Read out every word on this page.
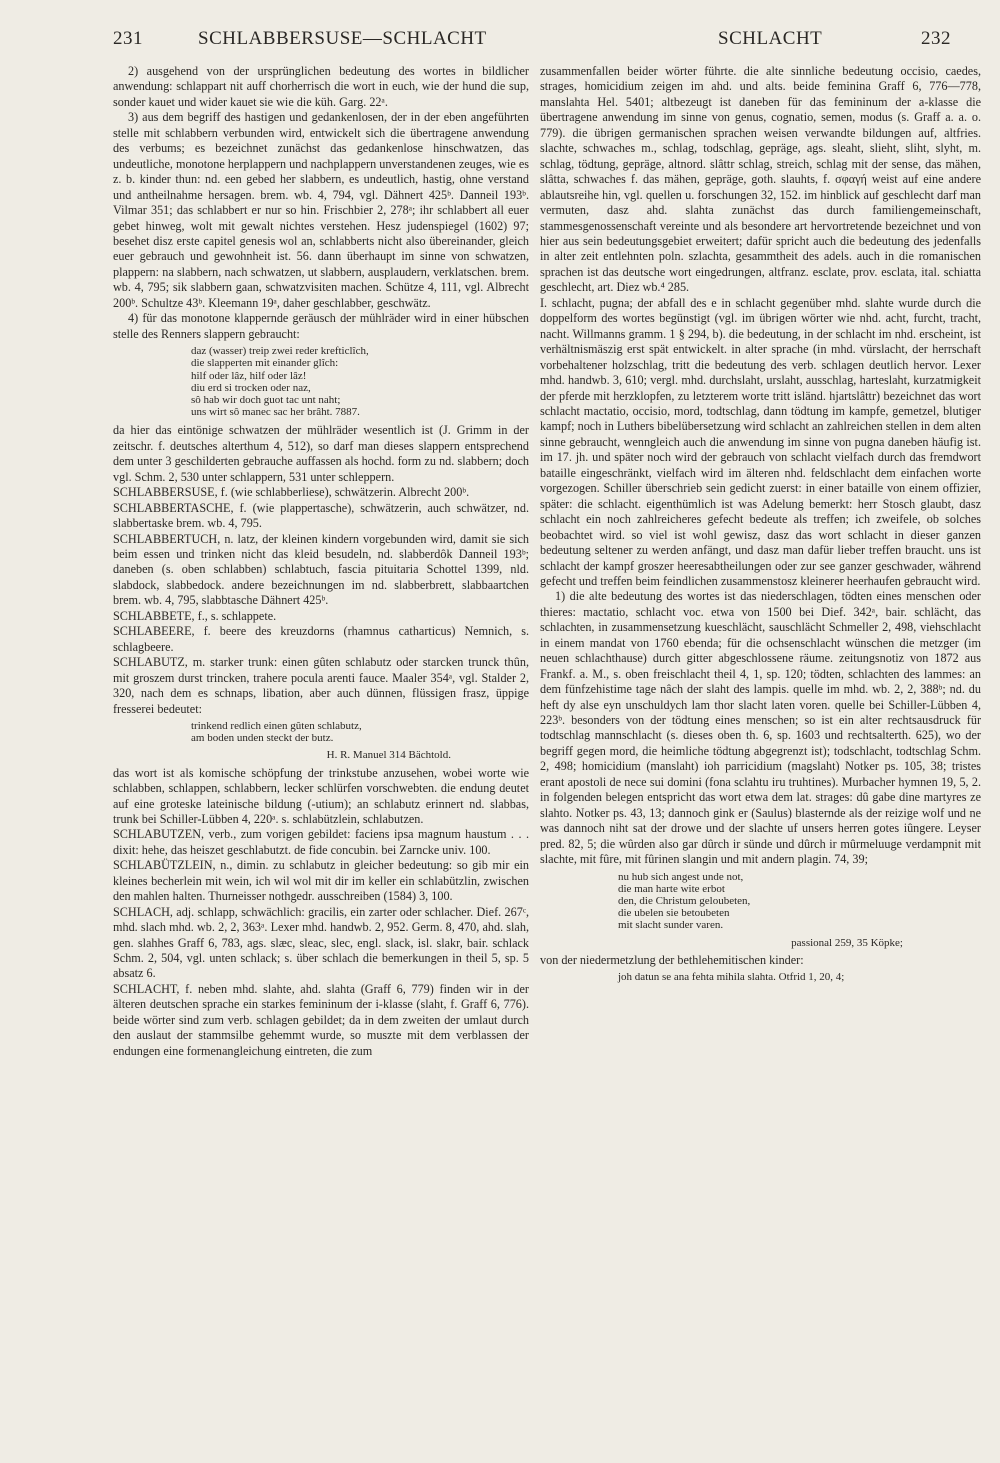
231	SCHLABBERSUSE—SCHLACHT	SCHLACHT	232

2) ausgehend von der ursprünglichen bedeutung des wortes in bildlicher anwendung: schlappart nit auff chorherrisch die wort in euch, wie der hund die sup, sonder kauet und wider kauet sie wie die küh. Garg. 22ᵃ.

3) aus dem begriff des hastigen und gedankenlosen, der in der eben angeführten stelle mit schlabbern verbunden wird, entwickelt sich die übertragene anwendung des verbums; es bezeichnet zunächst das gedankenlose hinschwatzen, das undeutliche, monotone herplappern und nachplappern unverstandenen zeuges, wie es z. b. kinder thun: nd. een gebed her slabbern, es undeutlich, hastig, ohne verstand und antheilnahme hersagen. brem. wb. 4, 794, vgl. Dähnert 425ᵇ. Danneil 193ᵇ. Vilmar 351; das schlabbert er nur so hin. Frischbier 2, 278ᵃ; ihr schlabbert all euer gebet hinweg, wolt mit gewalt nichtes verstehen. Hesz judenspiegel (1602) 97; besehet disz erste capitel genesis wol an, schlabberts nicht also übereinander, gleich euer gebrauch und gewohnheit ist. 56. dann überhaupt im sinne von schwatzen, plappern: na slabbern, nach schwatzen, ut slabbern, ausplaudern, verklatschen. brem. wb. 4, 795; sik slabbern gaan, schwatzvisiten machen. Schütze 4, 111, vgl. Albrecht 200ᵇ. Schultze 43ᵇ. Kleemann 19ᵃ, daher geschlabber, geschwätz.

4) für das monotone klappernde geräusch der mühlräder wird in einer hübschen stelle des Renners slappern gebraucht:

daz (wasser) treip zwei reder krefticlîch,
die slapperten mit einander glîch:
hilf oder lâz, hilf oder lâz!
diu erd si trocken oder naz,
sô hab wir doch guot tac unt naht;
uns wirt sô manec sac her brâht. 7887.

da hier das eintönige schwatzen der mühlräder wesentlich ist (J. Grimm in der zeitschr. f. deutsches alterthum 4, 512), so darf man dieses slappern entsprechend dem unter 3 geschilderten gebrauche auffassen als hochd. form zu nd. slabbern; doch vgl. Schm. 2, 530 unter schlappern, 531 unter schleppern.

SCHLABBERSUSE, f. (wie schlabberliese), schwätzerin. Albrecht 200ᵇ.

SCHLABBERTASCHE, f. (wie plappertasche), schwätzerin, auch schwätzer, nd. slabbertaske brem. wb. 4, 795.

SCHLABBERTUCH, n. latz, der kleinen kindern vorgebunden wird, damit sie sich beim essen und trinken nicht das kleid besudeln, nd. slabberdôk Danneil 193ᵇ; daneben (s. oben schlabben) schlabtuch, fascia pituitaria Schottel 1399, nld. slabdock, slabbedock. andere bezeichnungen im nd. slabberbrett, slabbaartchen brem. wb. 4, 795, slabbtasche Dähnert 425ᵇ.

SCHLABBETE, f., s. schlappete.

SCHLABEERE, f. beere des kreuzdorns (rhamnus catharticus) Nemnich, s. schlagbeere.

SCHLABUTZ, m. starker trunk: einen gûten schlabutz oder starcken trunck thûn, mit groszem durst trincken, trahere pocula arenti fauce. Maaler 354ᵃ, vgl. Stalder 2, 320, nach dem es schnaps, libation, aber auch dünnen, flüssigen frasz, üppige fresserei bedeutet:

trinkend redlich einen gûten schlabutz,
am boden unden steckt der butz.
H. R. Manuel 314 Bächtold.

das wort ist als komische schöpfung der trinkstube anzusehen, wobei worte wie schlabben, schlappen, schlabbern, lecker schlürfen vorschwebten. die endung deutet auf eine groteske lateinische bildung (-utium); an schlabutz erinnert nd. slabbas, trunk bei Schiller-Lübben 4, 220ᵃ. s. schlabützlein, schlabutzen.

SCHLABUTZEN, verb., zum vorigen gebildet: faciens ipsa magnum haustum . . . dixit: hehe, das heiszet geschlabutzt. de fide concubin. bei Zarncke univ. 100.

SCHLABÜTZLEIN, n., dimin. zu schlabutz in gleicher bedeutung: so gib mir ein kleines becherlein mit wein, ich wil wol mit dir im keller ein schlabützlin, zwischen den mahlen halten. Thurneisser nothgedr. ausschreiben (1584) 3, 100.

SCHLACH, adj. schlapp, schwächlich: gracilis, ein zarter oder schlacher. Dief. 267ᶜ, mhd. slach mhd. wb. 2, 2, 363ᵃ. Lexer mhd. handwb. 2, 952. Germ. 8, 470, ahd. slah, gen. slahhes Graff 6, 783, ags. slæc, sleac, slec, engl. slack, isl. slakr, bair. schlack Schm. 2, 504, vgl. unten schlack; s. über schlach die bemerkungen in theil 5, sp. 5 absatz 6.

SCHLACHT, f. neben mhd. slahte, ahd. slahta (Graff 6, 779) finden wir in der älteren deutschen sprache ein starkes femininum der i-klasse (slaht, f. Graff 6, 776). beide wörter sind zum verb. schlagen gebildet; da in dem zweiten der umlaut durch den auslaut der stammsilbe gehemmt wurde, so muszte mit dem verblassen der endungen eine formenangleichung eintreten, die zum

zusammenfallen beider wörter führte. die alte sinnliche bedeutung occisio, caedes, strages, homicidium zeigen im ahd. und alts. beide feminina Graff 6, 776—778, manslahta Hel. 5401; altbezeugt ist daneben für das femininum der a-klasse die übertragene anwendung im sinne von genus, cognatio, semen, modus (s. Graff a. a. o. 779). die übrigen germanischen sprachen weisen verwandte bildungen auf, altfries. slachte, schwaches m., schlag, todschlag, gepräge, ags. sleaht, slieht, sliht, slyht, m. schlag, tödtung, gepräge, altnord. slâttr schlag, streich, schlag mit der sense, das mähen, slâtta, schwaches f. das mähen, gepräge, goth. slauhts, f. σφαγή weist auf eine andere ablautsreihe hin, vgl. quellen u. forschungen 32, 152. im hinblick auf geschlecht darf man vermuten, dasz ahd. slahta zunächst das durch familiengemeinschaft, stammesgenossenschaft vereinte und als besondere art hervortretende bezeichnet und von hier aus sein bedeutungsgebiet erweitert; dafür spricht auch die bedeutung des jedenfalls in alter zeit entlehnten poln. szlachta, gesammtheit des adels. auch in die romanischen sprachen ist das deutsche wort eingedrungen, altfranz. esclate, prov. esclata, ital. schiatta geschlecht, art. Diez wb.⁴ 285.

I. schlacht, pugna; der abfall des e in schlacht gegenüber mhd. slahte wurde durch die doppelform des wortes begünstigt (vgl. im übrigen wörter wie nhd. acht, furcht, tracht, nacht. Willmanns gramm. 1 § 294, b). die bedeutung, in der schlacht im nhd. erscheint, ist verhältnismäszig erst spät entwickelt. in alter sprache (in mhd. vürslacht, der herrschaft vorbehaltener holzschlag, tritt die bedeutung des verb. schlagen deutlich hervor. Lexer mhd. handwb. 3, 610; vergl. mhd. durchslaht, urslaht, ausschlag, harteslaht, kurzatmigkeit der pferde mit herzklopfen, zu letzterem worte tritt isländ. hjartslâttr) bezeichnet das wort schlacht mactatio, occisio, mord, todtschlag, dann tödtung im kampfe, gemetzel, blutiger kampf; noch in Luthers bibelübersetzung wird schlacht an zahlreichen stellen in dem alten sinne gebraucht, wenngleich auch die anwendung im sinne von pugna daneben häufig ist. im 17. jh. und später noch wird der gebrauch von schlacht vielfach durch das fremdwort bataille eingeschränkt, vielfach wird im älteren nhd. feldschlacht dem einfachen worte vorgezogen. Schiller überschrieb sein gedicht zuerst: in einer bataille von einem offizier, später: die schlacht. eigenthümlich ist was Adelung bemerkt: herr Stosch glaubt, dasz schlacht ein noch zahlreicheres gefecht bedeute als treffen; ich zweifele, ob solches beobachtet wird. so viel ist wohl gewisz, dasz das wort schlacht in dieser ganzen bedeutung seltener zu werden anfängt, und dasz man dafür lieber treffen braucht. uns ist schlacht der kampf groszer heeresabtheilungen oder zur see ganzer geschwader, während gefecht und treffen beim feindlichen zusammenstosz kleinerer heerhaufen gebraucht wird.

1) die alte bedeutung des wortes ist das niederschlagen, tödten eines menschen oder thieres: mactatio, schlacht voc. etwa von 1500 bei Dief. 342ᵃ, bair. schlächt, das schlachten, in zusammensetzung kueschlächt, sauschlächt Schmeller 2, 498, viehschlacht in einem mandat von 1760 ebenda; für die ochsenschlacht wünschen die metzger (im neuen schlachthause) durch gitter abgeschlossene räume. zeitungsnotiz von 1872 aus Frankf. a. M., s. oben freischlacht theil 4, 1, sp. 120; tödten, schlachten des lammes: an dem fünfzehistime tage nâch der slaht des lampis. quelle im mhd. wb. 2, 2, 388ᵇ; nd. du heft dy alse eyn unschuldych lam thor slacht laten voren. quelle bei Schiller-Lübben 4, 223ᵇ. besonders von der tödtung eines menschen; so ist ein alter rechtsausdruck für todtschlag mannschlacht (s. dieses oben th. 6, sp. 1603 und rechtsalterth. 625), wo der begriff gegen mord, die heimliche tödtung abgegrenzt ist); todschlacht, todtschlag Schm. 2, 498; homicidium (manslaht) ioh parricidium (magslaht) Notker ps. 105, 38; tristes erant apostoli de nece sui domini (fona sclahtu iru truhtines). Murbacher hymnen 19, 5, 2. in folgenden belegen entspricht das wort etwa dem lat. strages: dû gabe dine martyres ze slahto. Notker ps. 43, 13; dannoch gink er (Saulus) blasternde als der reizige wolf und ne was dannoch niht sat der drowe und der slachte uf unsers herren gotes iûngere. Leyser pred. 82, 5; die wûrden also gar dûrch ir sünde und dûrch ir mûrmeluuge verdampnit mit slachte, mit fûre, mit fûrinen slangin und mit andern plagin. 74, 39;

nu hub sich angest unde not,
die man harte wite erbot
den, die Christum geloubeten,
die ubelen sie betoubeten
mit slacht sunder varen.
passional 259, 35 Köpke;

von der niedermetzlung der bethlehemitischen kinder:

joh datun se ana fehta mihila slahta. Otfrid 1, 20, 4;
